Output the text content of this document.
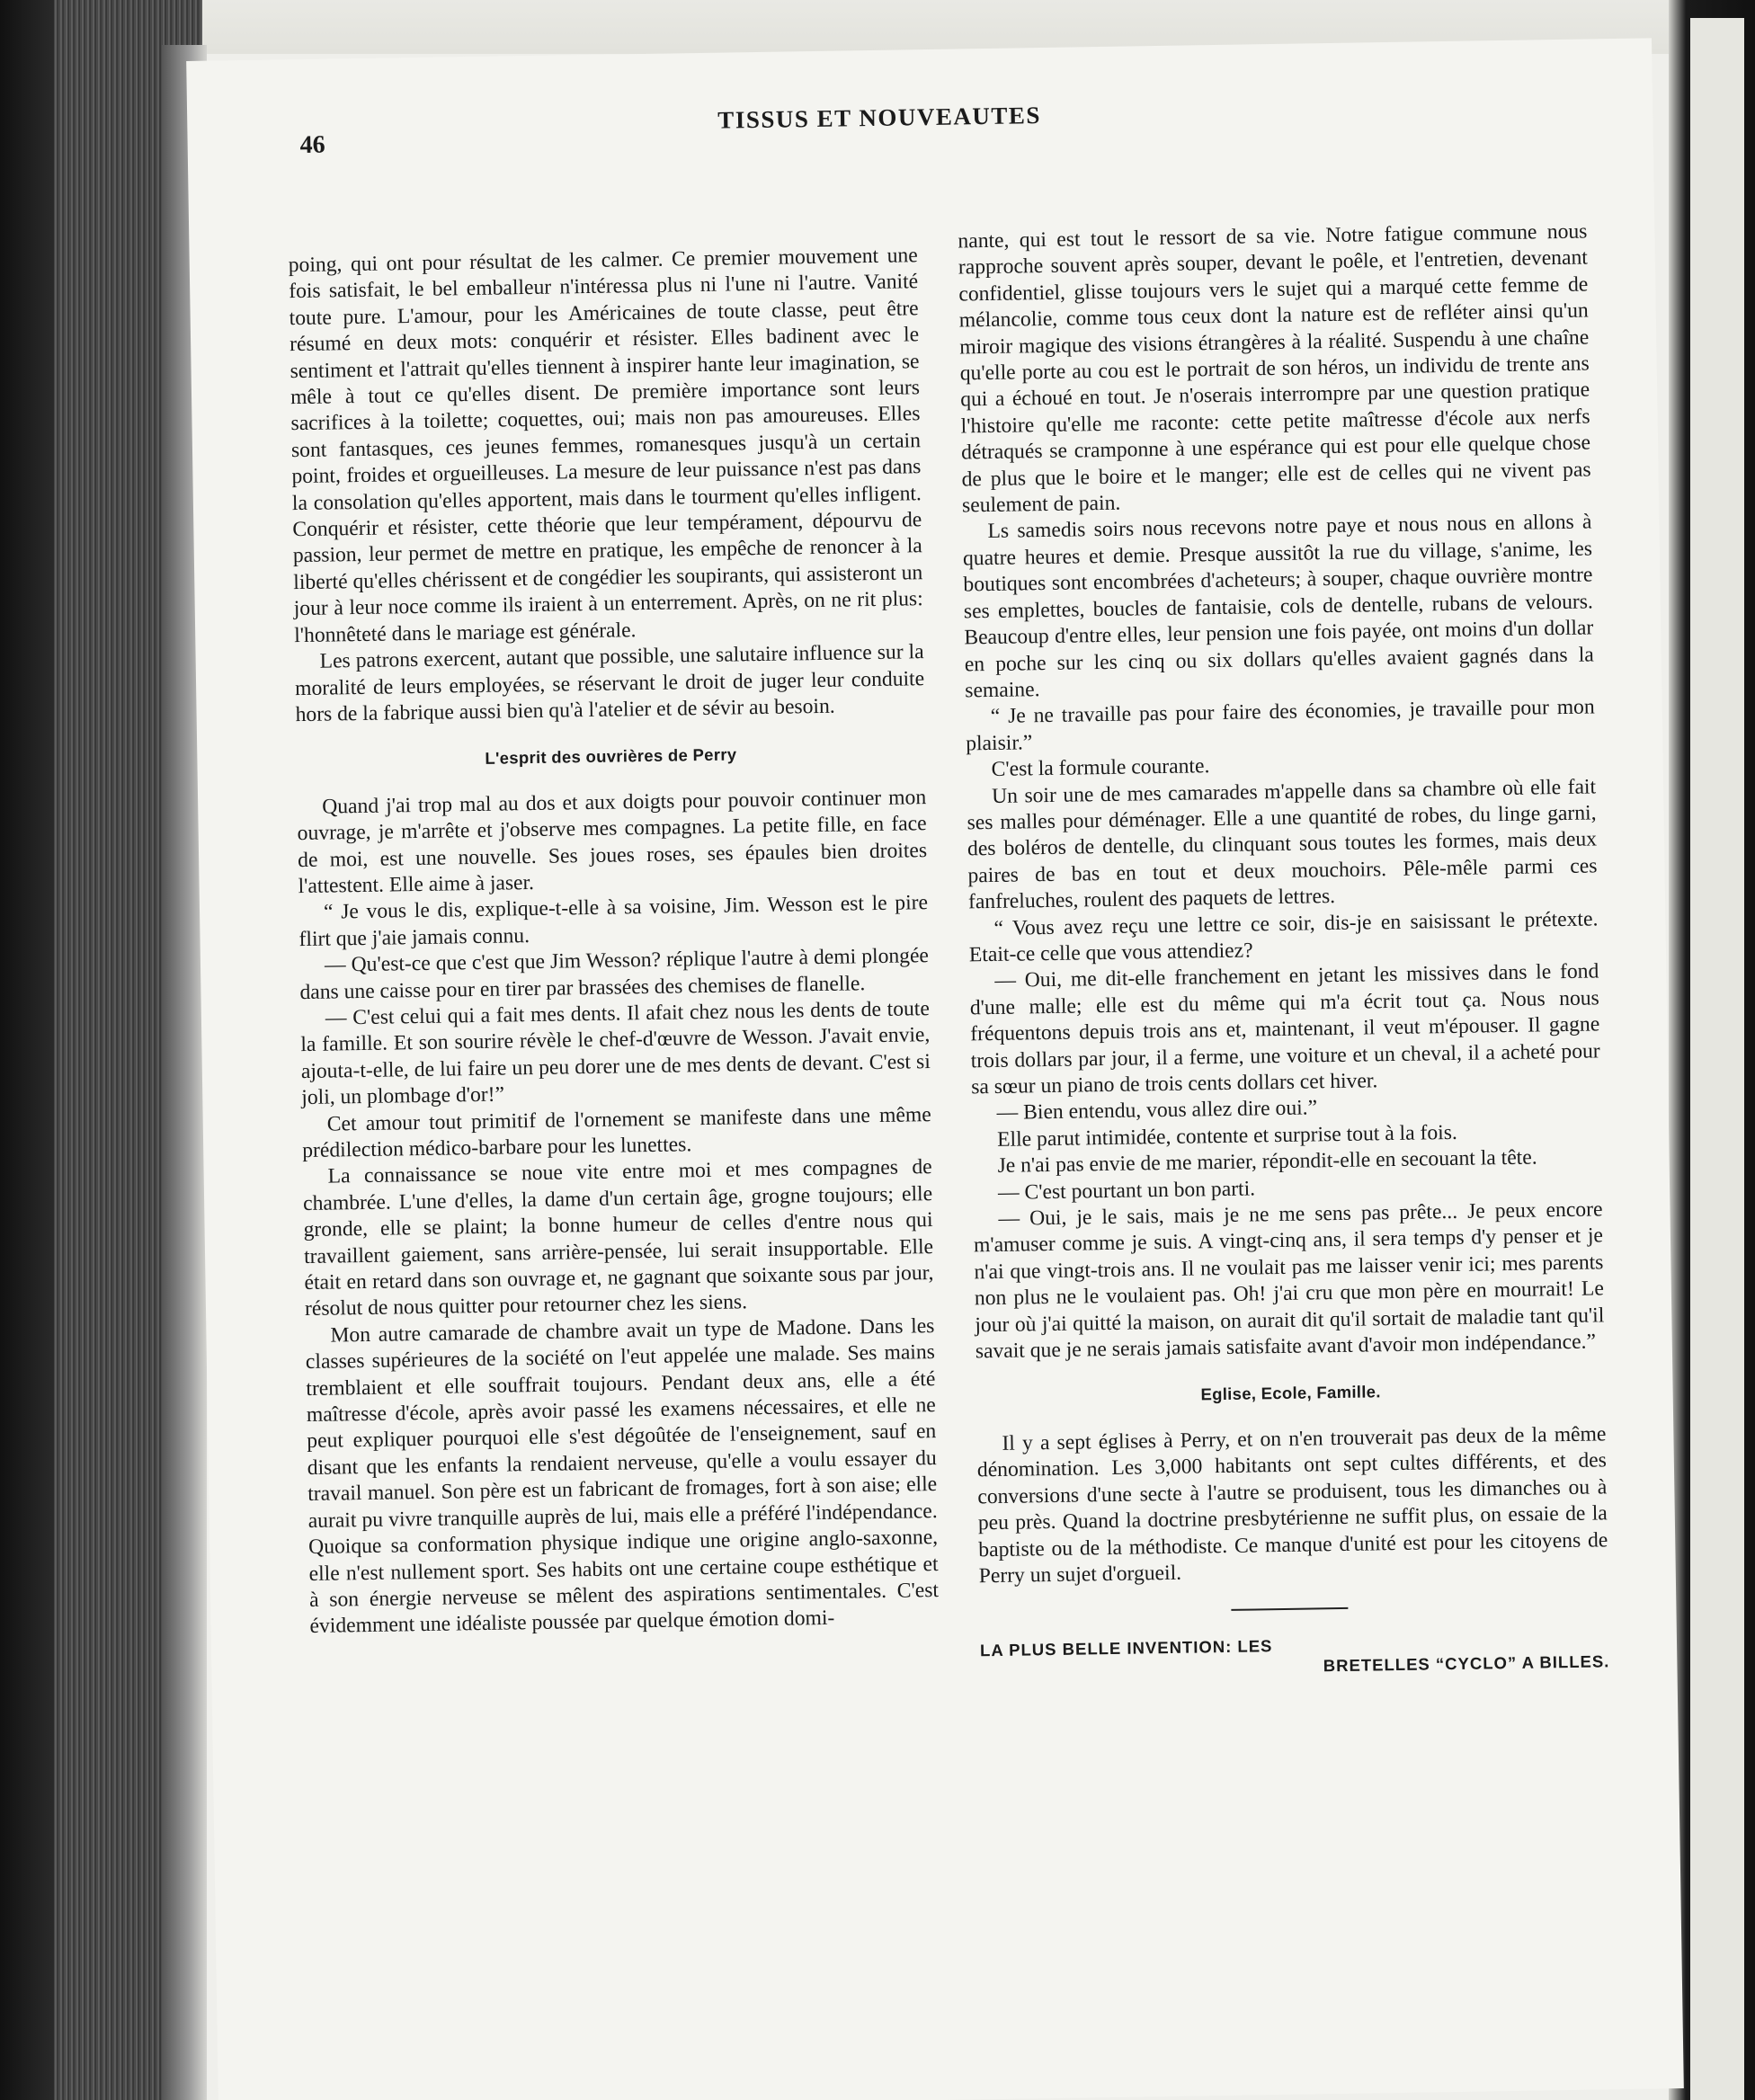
46
TISSUS ET NOUVEAUTES

poing, qui ont pour résultat de les calmer. Ce premier mouvement une fois satisfait, le bel emballeur n'intéressa plus ni l'une ni l'autre. Vanité toute pure. L'amour, pour les Américaines de toute classe, peut être résumé en deux mots: conquérir et résister. Elles badinent avec le sentiment et l'attrait qu'elles tiennent à inspirer hante leur imagination, se mêle à tout ce qu'elles disent. De première importance sont leurs sacrifices à la toilette; coquettes, oui; mais non pas amoureuses. Elles sont fantasques, ces jeunes femmes, romanesques jusqu'à un certain point, froides et orgueilleuses. La mesure de leur puissance n'est pas dans la consolation qu'elles apportent, mais dans le tourment qu'elles infligent. Conquérir et résister, cette théorie que leur tempérament, dépourvu de passion, leur permet de mettre en pratique, les empêche de renoncer à la liberté qu'elles chérissent et de congédier les soupirants, qui assisteront un jour à leur noce comme ils iraient à un enterrement. Après, on ne rit plus: l'honnêteté dans le mariage est générale.

Les patrons exercent, autant que possible, une salutaire influence sur la moralité de leurs employées, se réservant le droit de juger leur conduite hors de la fabrique aussi bien qu'à l'atelier et de sévir au besoin.

L'esprit des ouvrières de Perry

Quand j'ai trop mal au dos et aux doigts pour pouvoir continuer mon ouvrage, je m'arrête et j'observe mes compagnes. La petite fille, en face de moi, est une nouvelle. Ses joues roses, ses épaules bien droites l'attestent. Elle aime à jaser.

“ Je vous le dis, explique-t-elle à sa voisine, Jim. Wesson est le pire flirt que j'aie jamais connu.

— Qu'est-ce que c'est que Jim Wesson? réplique l'autre à demi plongée dans une caisse pour en tirer par brassées des chemises de flanelle.

— C'est celui qui a fait mes dents. Il afait chez nous les dents de toute la famille. Et son sourire révèle le chef-d'œuvre de Wesson. J'avait envie, ajouta-t-elle, de lui faire un peu dorer une de mes dents de devant. C'est si joli, un plombage d'or!”

Cet amour tout primitif de l'ornement se manifeste dans une même prédilection médico-barbare pour les lunettes.

La connaissance se noue vite entre moi et mes compagnes de chambrée. L'une d'elles, la dame d'un certain âge, grogne toujours; elle gronde, elle se plaint; la bonne humeur de celles d'entre nous qui travaillent gaiement, sans arrière-pensée, lui serait insupportable. Elle était en retard dans son ouvrage et, ne gagnant que soixante sous par jour, résolut de nous quitter pour retourner chez les siens.

Mon autre camarade de chambre avait un type de Madone. Dans les classes supérieures de la société on l'eut appelée une malade. Ses mains tremblaient et elle souffrait toujours. Pendant deux ans, elle a été maîtresse d'école, après avoir passé les examens nécessaires, et elle ne peut expliquer pourquoi elle s'est dégoûtée de l'enseignement, sauf en disant que les enfants la rendaient nerveuse, qu'elle a voulu essayer du travail manuel. Son père est un fabricant de fromages, fort à son aise; elle aurait pu vivre tranquille auprès de lui, mais elle a préféré l'indépendance. Quoique sa conformation physique indique une origine anglo-saxonne, elle n'est nullement sport. Ses habits ont une certaine coupe esthétique et à son énergie nerveuse se mêlent des aspirations sentimentales. C'est évidemment une idéaliste poussée par quelque émotion domi-

nante, qui est tout le ressort de sa vie. Notre fatigue commune nous rapproche souvent après souper, devant le poêle, et l'entretien, devenant confidentiel, glisse toujours vers le sujet qui a marqué cette femme de mélancolie, comme tous ceux dont la nature est de refléter ainsi qu'un miroir magique des visions étrangères à la réalité. Suspendu à une chaîne qu'elle porte au cou est le portrait de son héros, un individu de trente ans qui a échoué en tout. Je n'oserais interrompre par une question pratique l'histoire qu'elle me raconte: cette petite maîtresse d'école aux nerfs détraqués se cramponne à une espérance qui est pour elle quelque chose de plus que le boire et le manger; elle est de celles qui ne vivent pas seulement de pain.

Ls samedis soirs nous recevons notre paye et nous nous en allons à quatre heures et demie. Presque aussitôt la rue du village, s'anime, les boutiques sont encombrées d'acheteurs; à souper, chaque ouvrière montre ses emplettes, boucles de fantaisie, cols de dentelle, rubans de velours. Beaucoup d'entre elles, leur pension une fois payée, ont moins d'un dollar en poche sur les cinq ou six dollars qu'elles avaient gagnés dans la semaine.

“ Je ne travaille pas pour faire des économies, je travaille pour mon plaisir.”

C'est la formule courante.

Un soir une de mes camarades m'appelle dans sa chambre où elle fait ses malles pour déménager. Elle a une quantité de robes, du linge garni, des boléros de dentelle, du clinquant sous toutes les formes, mais deux paires de bas en tout et deux mouchoirs. Pêle-mêle parmi ces fanfreluches, roulent des paquets de lettres.

“ Vous avez reçu une lettre ce soir, dis-je en saisissant le prétexte. Etait-ce celle que vous attendiez?

— Oui, me dit-elle franchement en jetant les missives dans le fond d'une malle; elle est du même qui m'a écrit tout ça. Nous nous fréquentons depuis trois ans et, maintenant, il veut m'épouser. Il gagne trois dollars par jour, il a ferme, une voiture et un cheval, il a acheté pour sa sœur un piano de trois cents dollars cet hiver.

— Bien entendu, vous allez dire oui.”

Elle parut intimidée, contente et surprise tout à la fois.

Je n'ai pas envie de me marier, répondit-elle en secouant la tête.

— C'est pourtant un bon parti.

— Oui, je le sais, mais je ne me sens pas prête... Je peux encore m'amuser comme je suis. A vingt-cinq ans, il sera temps d'y penser et je n'ai que vingt-trois ans. Il ne voulait pas me laisser venir ici; mes parents non plus ne le voulaient pas. Oh! j'ai cru que mon père en mourrait! Le jour où j'ai quitté la maison, on aurait dit qu'il sortait de maladie tant qu'il savait que je ne serais jamais satisfaite avant d'avoir mon indépendance.”

Eglise, Ecole, Famille.

Il y a sept églises à Perry, et on n'en trouverait pas deux de la même dénomination. Les 3,000 habitants ont sept cultes différents, et des conversions d'une secte à l'autre se produisent, tous les dimanches ou à peu près. Quand la doctrine presbytérienne ne suffit plus, on essaie de la baptiste ou de la méthodiste. Ce manque d'unité est pour les citoyens de Perry un sujet d'orgueil.

LA PLUS BELLE INVENTION: LES
BRETELLES “CYCLO” A BILLES.
